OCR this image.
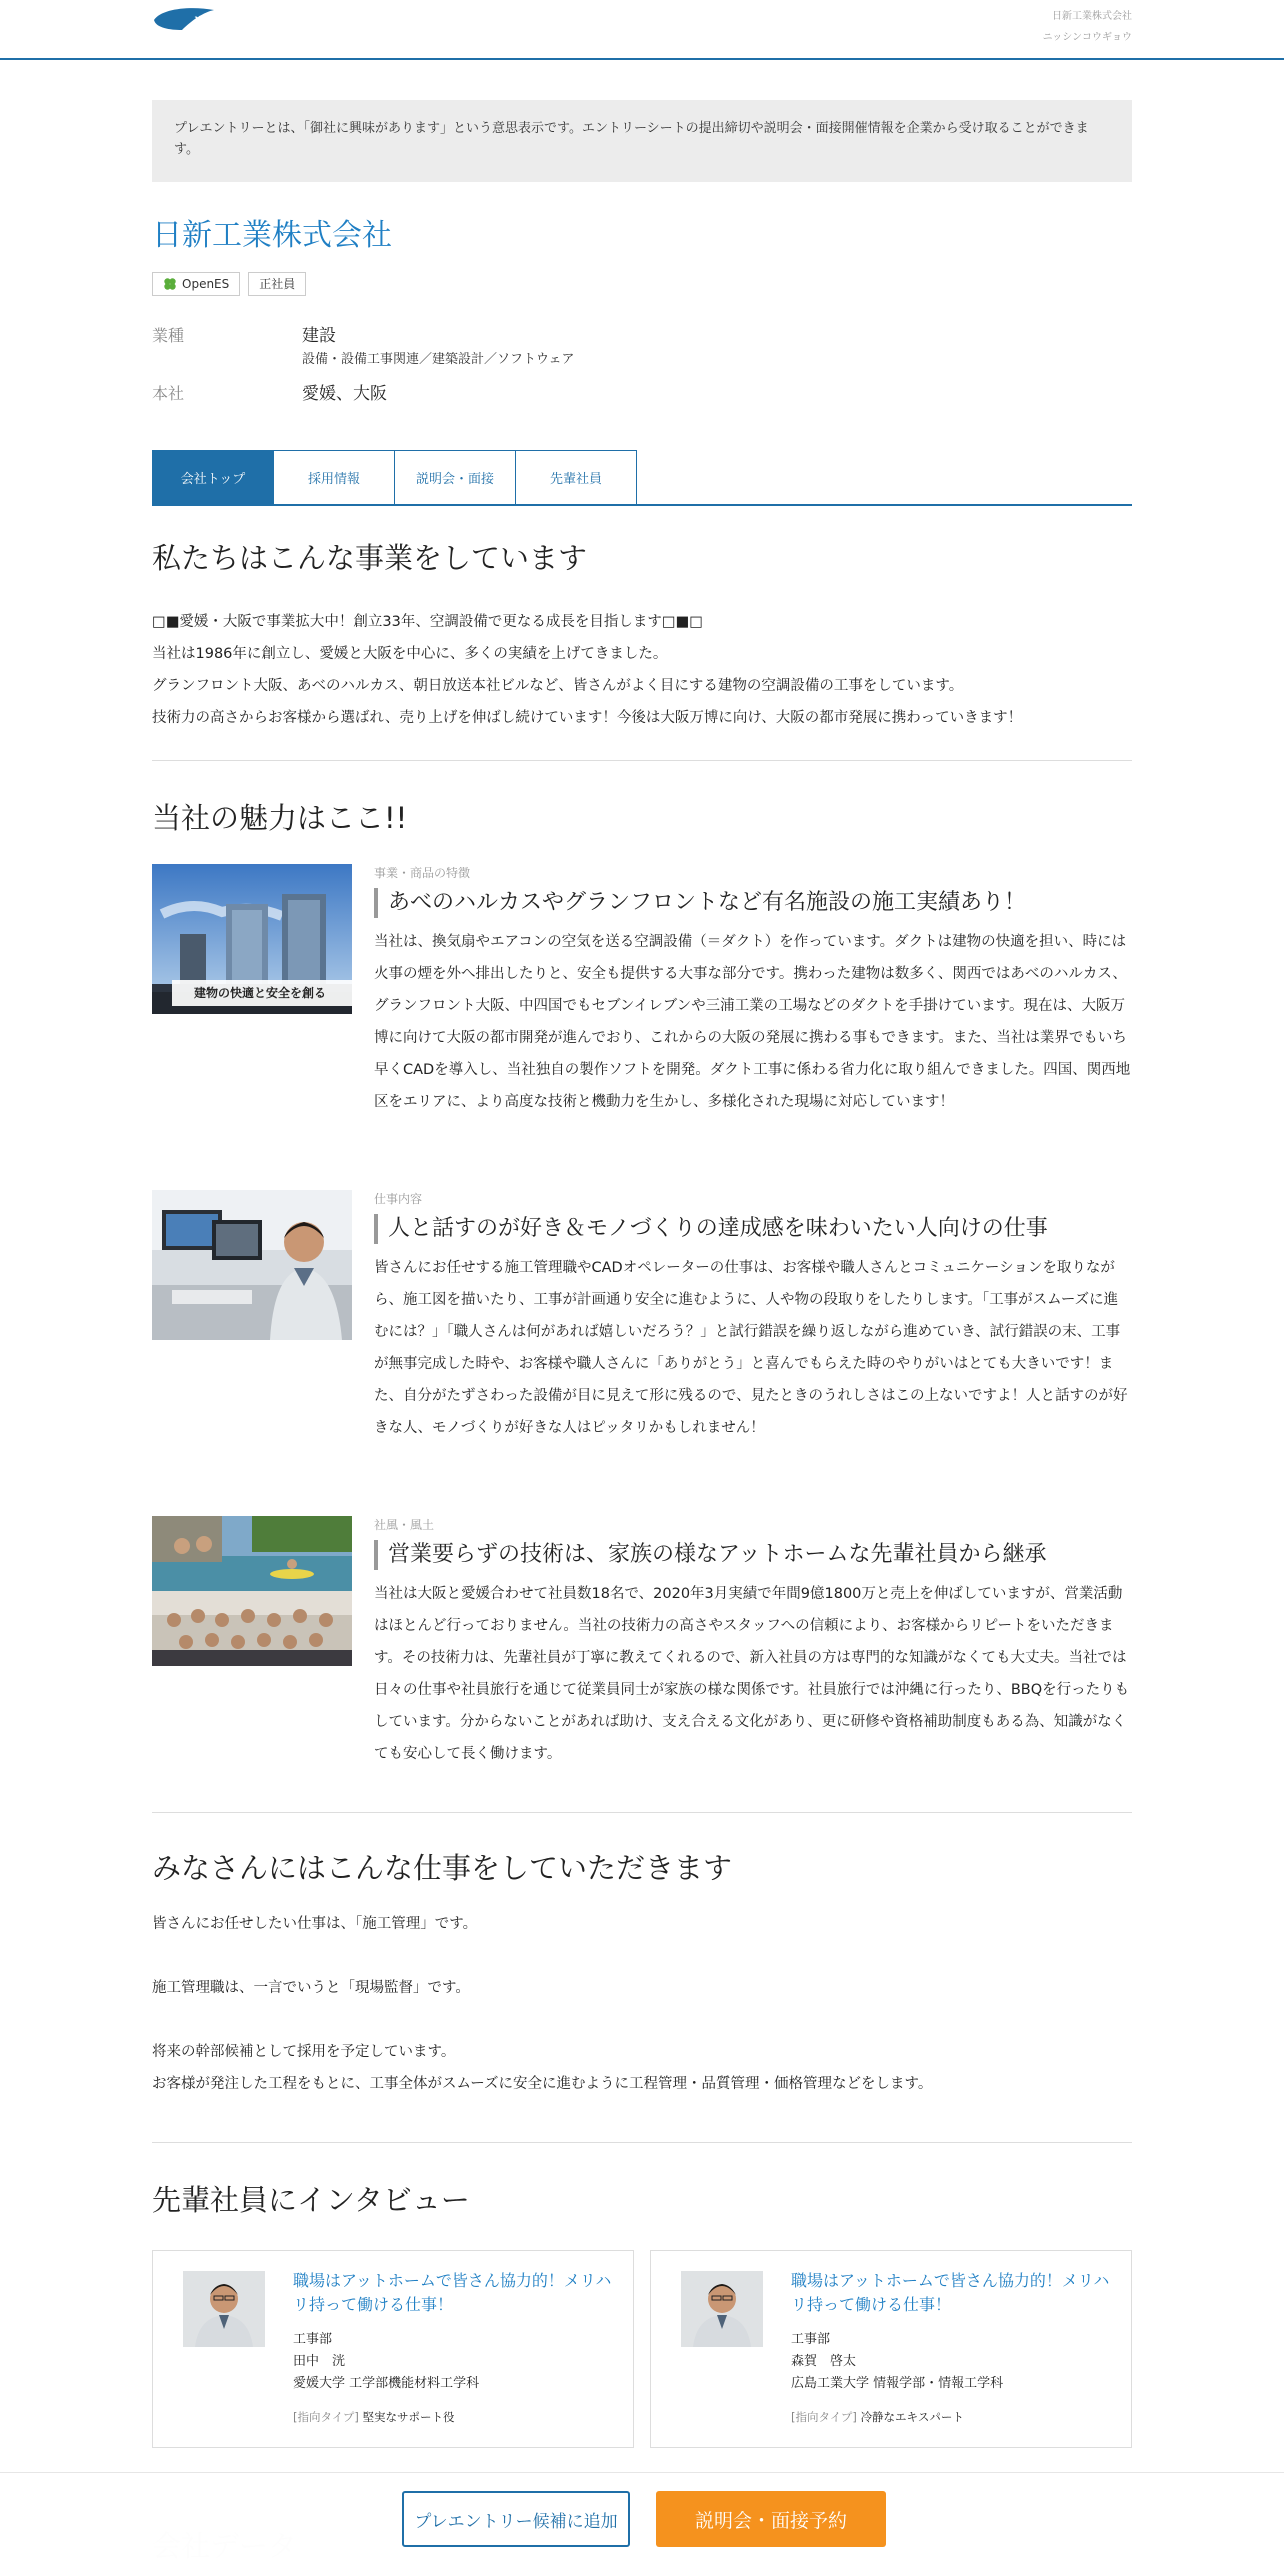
リクナビ2024	日新工業株式会社
ニッシンコウギョウ
プレエントリーとは、「御社に興味があります」という意思表示です。エントリーシートの提出締切や説明会・面接開催情報を企業から受け取ることができます。
日新工業株式会社
OpenES	正社員
業種	建設
設備・設備工事関連／建築設計／ソフトウェア
本社	愛媛、大阪
会社トップ	採用情報	説明会・面接	先輩社員
私たちはこんな事業をしています
□■愛媛・大阪で事業拡大中！創立33年、空調設備で更なる成長を目指します□■□
当社は1986年に創立し、愛媛と大阪を中心に、多くの実績を上げてきました。
グランフロント大阪、あべのハルカス、朝日放送本社ビルなど、皆さんがよく目にする建物の空調設備の工事をしています。
技術力の高さからお客様から選ばれ、売り上げを伸ばし続けています！今後は大阪万博に向け、大阪の都市発展に携わっていきます！
当社の魅力はここ!!
建物の快適と安全を創る
事業・商品の特徴
あべのハルカスやグランフロントなど有名施設の施工実績あり！
当社は、換気扇やエアコンの空気を送る空調設備（＝ダクト）を作っています。ダクトは建物の快適を担い、時には火事の煙を外へ排出したりと、安全も提供する大事な部分です。携わった建物は数多く、関西ではあべのハルカス、グランフロント大阪、中四国でもセブンイレブンや三浦工業の工場などのダクトを手掛けています。現在は、大阪万博に向けて大阪の都市開発が進んでおり、これからの大阪の発展に携わる事もできます。また、当社は業界でもいち早くCADを導入し、当社独自の製作ソフトを開発。ダクト工事に係わる省力化に取り組んできました。四国、関西地区をエリアに、より高度な技術と機動力を生かし、多様化された現場に対応しています！
仕事内容
人と話すのが好き＆モノづくりの達成感を味わいたい人向けの仕事
皆さんにお任せする施工管理職やCADオペレーターの仕事は、お客様や職人さんとコミュニケーションを取りながら、施工図を描いたり、工事が計画通り安全に進むように、人や物の段取りをしたりします。「工事がスムーズに進むには？」「職人さんは何があれば嬉しいだろう？」と試行錯誤を繰り返しながら進めていき、試行錯誤の末、工事が無事完成した時や、お客様や職人さんに「ありがとう」と喜んでもらえた時のやりがいはとても大きいです！また、自分がたずさわった設備が目に見えて形に残るので、見たときのうれしさはこの上ないですよ！人と話すのが好きな人、モノづくりが好きな人はピッタリかもしれません！
社風・風土
営業要らずの技術は、家族の様なアットホームな先輩社員から継承
当社は大阪と愛媛合わせて社員数18名で、2020年3月実績で年間9億1800万と売上を伸ばしていますが、営業活動はほとんど行っておりません。当社の技術力の高さやスタッフへの信頼により、お客様からリピートをいただきます。その技術力は、先輩社員が丁寧に教えてくれるので、新入社員の方は専門的な知識がなくても大丈夫。当社では日々の仕事や社員旅行を通じて従業員同士が家族の様な関係です。社員旅行では沖縄に行ったり、BBQを行ったりもしています。分からないことがあれば助け、支え合える文化があり、更に研修や資格補助制度もある為、知識がなくても安心して長く働けます。
みなさんにはこんな仕事をしていただきます
皆さんにお任せしたい仕事は、「施工管理」です。
施工管理職は、一言でいうと「現場監督」です。
将来の幹部候補として採用を予定しています。
お客様が発注した工程をもとに、工事全体がスムーズに安全に進むように工程管理・品質管理・価格管理などをします。
先輩社員にインタビュー
職場はアットホームで皆さん協力的！メリハリ持って働ける仕事！
工事部
田中　洸
愛媛大学 工学部機能材料工学科
[指向タイプ] 堅実なサポート役
職場はアットホームで皆さん協力的！メリハリ持って働ける仕事！
工事部
森賀　啓太
広島工業大学 情報学部・情報工学科
[指向タイプ] 冷静なエキスパート
プレエントリー候補に追加	説明会・面接予約
